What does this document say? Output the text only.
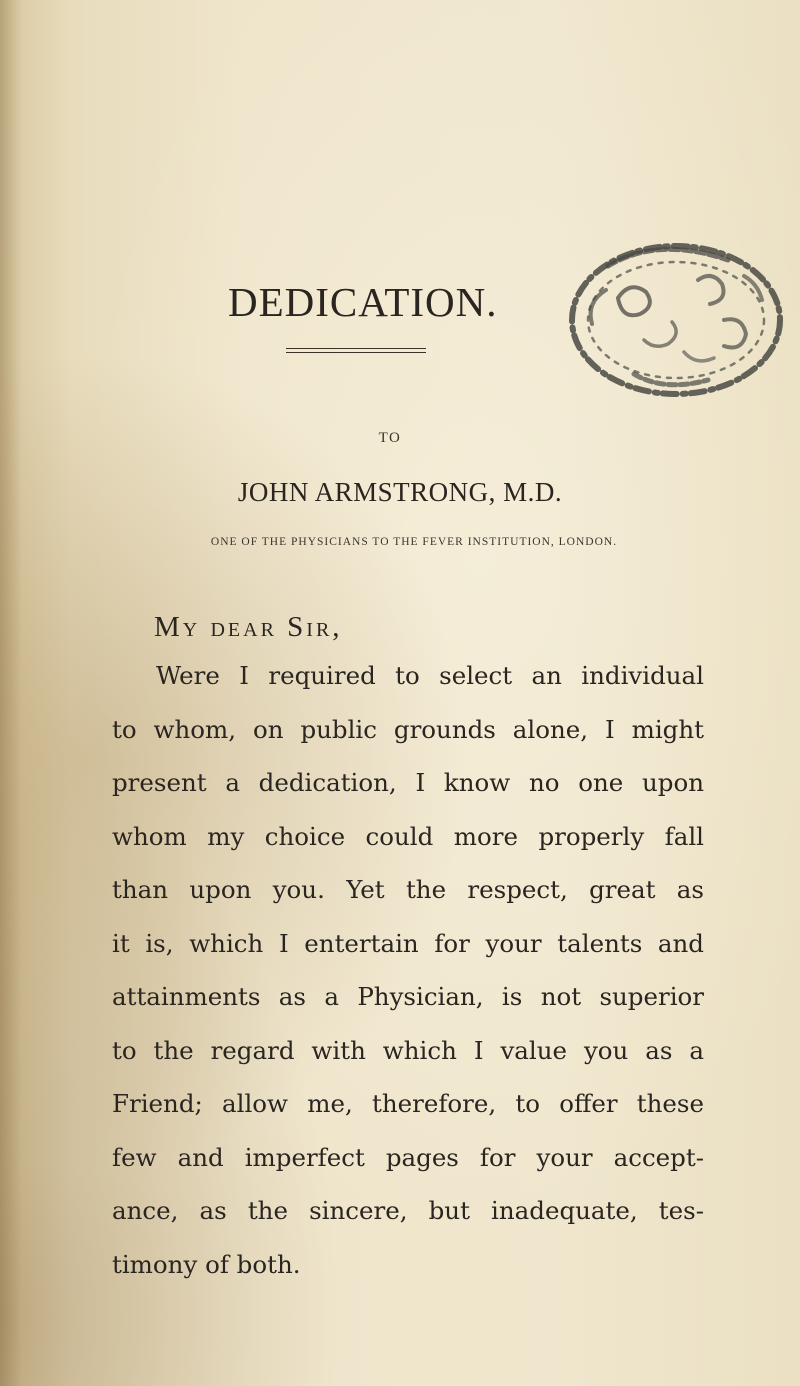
DEDICATION.
TO
JOHN ARMSTRONG, M.D.
ONE OF THE PHYSICIANS TO THE FEVER INSTITUTION, LONDON.

My dear Sir,

Were I required to select an individual
to whom, on public grounds alone, I might
present a dedication, I know no one upon
whom my choice could more properly fall
than upon you. Yet the respect, great as
it is, which I entertain for your talents and
attainments as a Physician, is not superior
to the regard with which I value you as a
Friend; allow me, therefore, to offer these
few and imperfect pages for your accept-
ance, as the sincere, but inadequate, tes-
timony of both.
